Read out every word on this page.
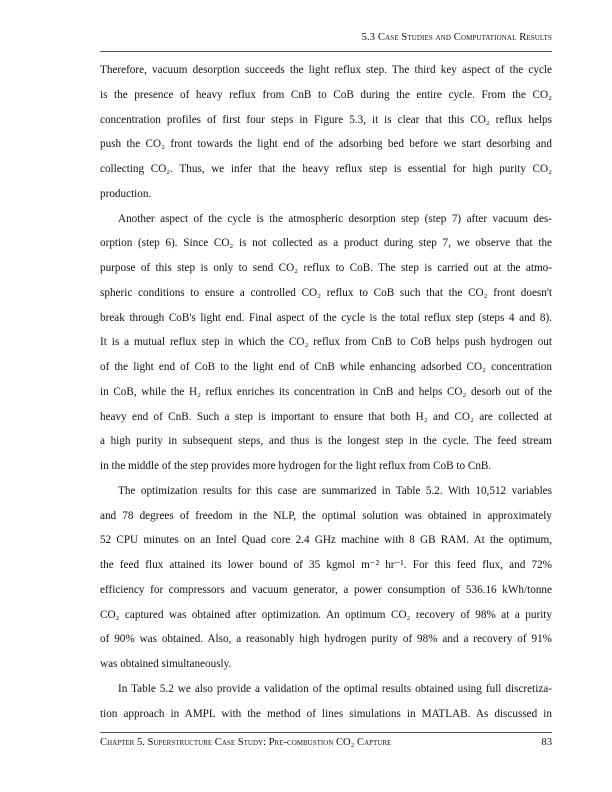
5.3 Case Studies and Computational Results
Therefore, vacuum desorption succeeds the light reflux step. The third key aspect of the cycle
is the presence of heavy reflux from CnB to CoB during the entire cycle. From the CO₂
concentration profiles of first four steps in Figure 5.3, it is clear that this CO₂ reflux helps
push the CO₂ front towards the light end of the adsorbing bed before we start desorbing and
collecting CO₂. Thus, we infer that the heavy reflux step is essential for high purity CO₂
production.
Another aspect of the cycle is the atmospheric desorption step (step 7) after vacuum des-
orption (step 6). Since CO₂ is not collected as a product during step 7, we observe that the
purpose of this step is only to send CO₂ reflux to CoB. The step is carried out at the atmo-
spheric conditions to ensure a controlled CO₂ reflux to CoB such that the CO₂ front doesn't
break through CoB's light end. Final aspect of the cycle is the total reflux step (steps 4 and 8).
It is a mutual reflux step in which the CO₂ reflux from CnB to CoB helps push hydrogen out
of the light end of CoB to the light end of CnB while enhancing adsorbed CO₂ concentration
in CoB, while the H₂ reflux enriches its concentration in CnB and helps CO₂ desorb out of the
heavy end of CnB. Such a step is important to ensure that both H₂ and CO₂ are collected at
a high purity in subsequent steps, and thus is the longest step in the cycle. The feed stream
in the middle of the step provides more hydrogen for the light reflux from CoB to CnB.
The optimization results for this case are summarized in Table 5.2. With 10,512 variables
and 78 degrees of freedom in the NLP, the optimal solution was obtained in approximately
52 CPU minutes on an Intel Quad core 2.4 GHz machine with 8 GB RAM. At the optimum,
the feed flux attained its lower bound of 35 kgmol m⁻² hr⁻¹. For this feed flux, and 72%
efficiency for compressors and vacuum generator, a power consumption of 536.16 kWh/tonne
CO₂ captured was obtained after optimization. An optimum CO₂ recovery of 98% at a purity
of 90% was obtained. Also, a reasonably high hydrogen purity of 98% and a recovery of 91%
was obtained simultaneously.
In Table 5.2 we also provide a validation of the optimal results obtained using full discretiza-
tion approach in AMPL with the method of lines simulations in MATLAB. As discussed in
Chapter 5. Superstructure Case Study: Pre-combustion CO₂ Capture	83
